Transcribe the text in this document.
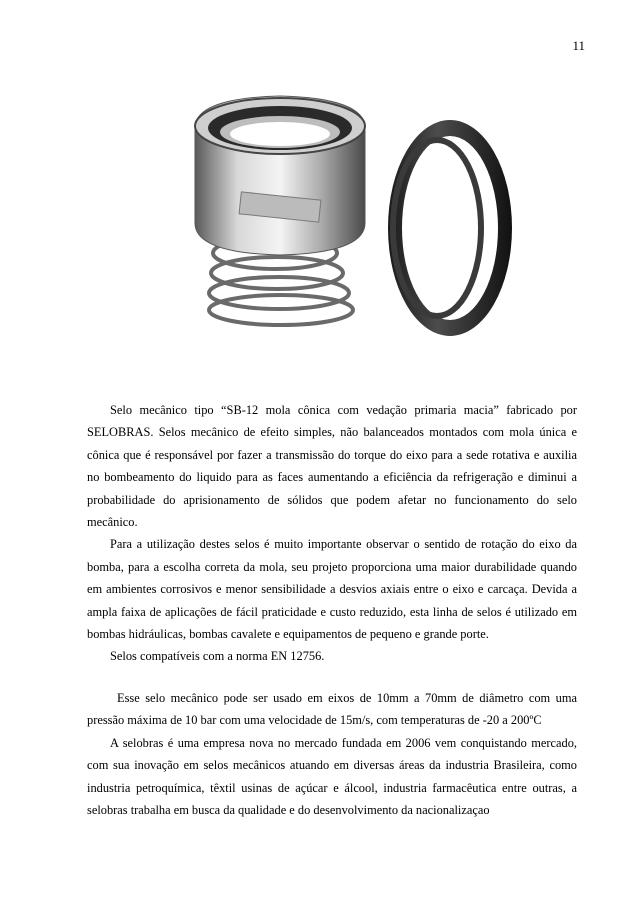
11

Selo mecânico tipo “SB-12 mola cônica com vedação primaria macia” fabricado por SELOBRAS. Selos mecânico de efeito simples, não balanceados montados com mola única e cônica que é responsável por fazer a transmissão do torque do eixo para a sede rotativa e auxilia no bombeamento do liquido para as faces aumentando a eficiência da refrigeração e diminui a probabilidade do aprisionamento de sólidos que podem afetar no funcionamento do selo mecânico.

Para a utilização destes selos é muito importante observar o sentido de rotação do eixo da bomba, para a escolha correta da mola, seu projeto proporciona uma maior durabilidade quando em ambientes corrosivos e menor sensibilidade a desvios axiais entre o eixo e carcaça. Devida a ampla faixa de aplicações de fácil praticidade e custo reduzido, esta linha de selos é utilizado em bombas hidráulicas, bombas cavalete e equipamentos de pequeno e grande porte.

Selos compatíveis com a norma EN 12756.

Esse selo mecânico pode ser usado em eixos de 10mm a 70mm de diâmetro com uma pressão máxima de 10 bar com uma velocidade de 15m/s, com temperaturas de -20 a 200ºC

A selobras é uma empresa nova no mercado fundada em 2006 vem conquistando mercado, com sua inovação em selos mecânicos atuando em diversas áreas da industria Brasileira, como industria petroquímica, têxtil usinas de açúcar e álcool, industria farmacêutica entre outras, a selobras trabalha em busca da qualidade e do desenvolvimento da nacionalizaçao
